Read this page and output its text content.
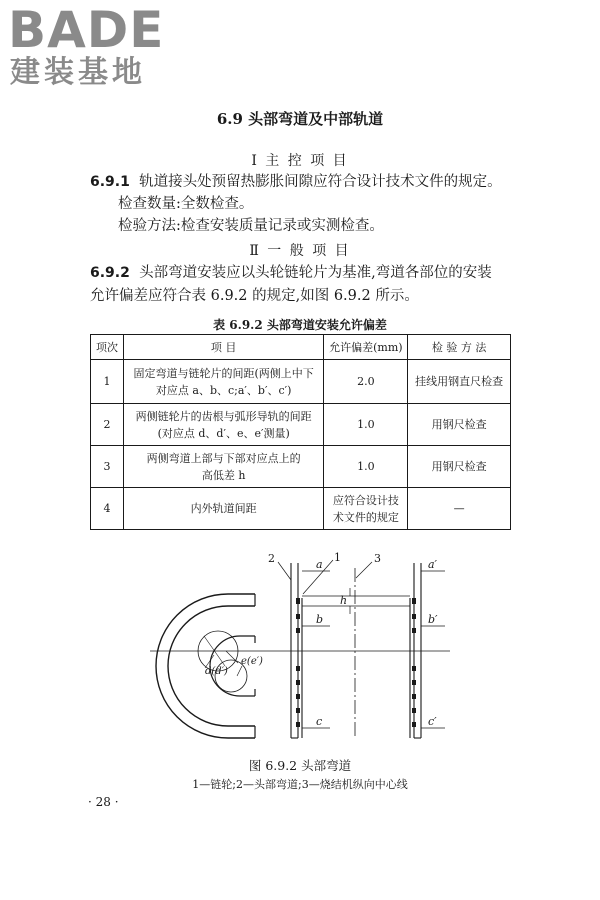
BADE
建装基地
6.9 头部弯道及中部轨道
Ⅰ 主 控 项 目
6.9.1 轨道接头处预留热膨胀间隙应符合设计技术文件的规定。
检查数量:全数检查。
检验方法:检查安装质量记录或实测检查。
Ⅱ 一 般 项 目
6.9.2 头部弯道安装应以头轮链轮片为基准,弯道各部位的安装
允许偏差应符合表 6.9.2 的规定,如图 6.9.2 所示。
表 6.9.2 头部弯道安装允许偏差
项次	项 目	允许偏差(mm)	检 验 方 法
1	固定弯道与链轮片的间距(两侧上中下
对应点 a、b、c;a′、b′、c′)	2.0	挂线用钢直尺检查
2	两侧链轮片的齿根与弧形导轨的间距
(对应点 d、d′、e、e′测量)	1.0	用钢尺检查
3	两侧弯道上部与下部对应点上的
高低差 h	1.0	用钢尺检查
4	内外轨道间距	应符合设计技
术文件的规定	—
2	1	3
a
b
c
a′
b′
c′
h
d(d′)
e(e′)
图 6.9.2 头部弯道
1—链轮;2—头部弯道;3—烧结机纵向中心线
· 28 ·
